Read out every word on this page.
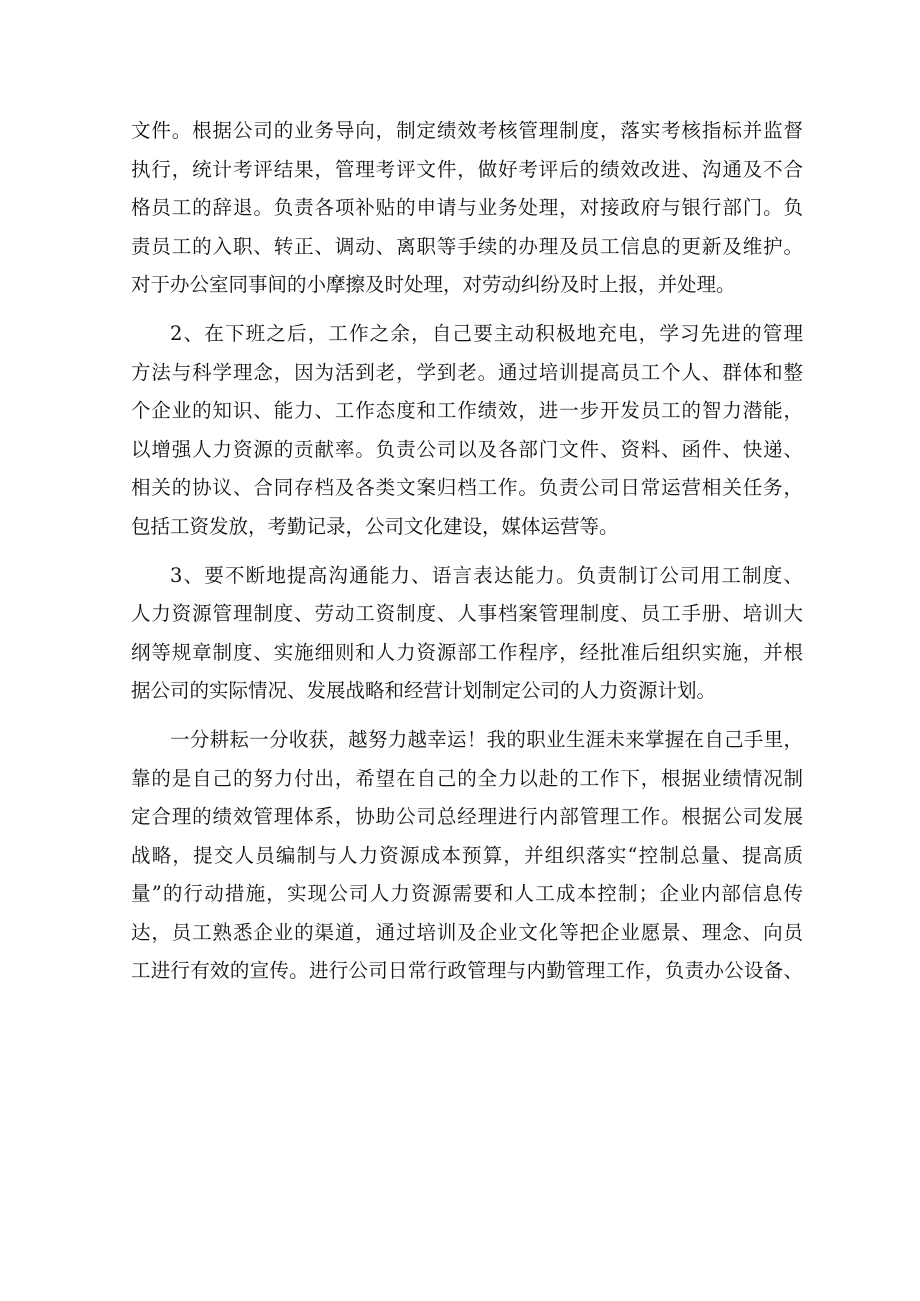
文件。根据公司的业务导向，制定绩效考核管理制度，落实考核指标并监督
执行，统计考评结果，管理考评文件，做好考评后的绩效改进、沟通及不合
格员工的辞退。负责各项补贴的申请与业务处理，对接政府与银行部门。负
责员工的入职、转正、调动、离职等手续的办理及员工信息的更新及维护。
对于办公室同事间的小摩擦及时处理，对劳动纠纷及时上报，并处理。
2、在下班之后，工作之余，自己要主动积极地充电，学习先进的管理
方法与科学理念，因为活到老，学到老。通过培训提高员工个人、群体和整
个企业的知识、能力、工作态度和工作绩效，进一步开发员工的智力潜能，
以增强人力资源的贡献率。负责公司以及各部门文件、资料、函件、快递、
相关的协议、合同存档及各类文案归档工作。负责公司日常运营相关任务，
包括工资发放，考勤记录，公司文化建设，媒体运营等。
3、要不断地提高沟通能力、语言表达能力。负责制订公司用工制度、
人力资源管理制度、劳动工资制度、人事档案管理制度、员工手册、培训大
纲等规章制度、实施细则和人力资源部工作程序，经批准后组织实施，并根
据公司的实际情况、发展战略和经营计划制定公司的人力资源计划。
一分耕耘一分收获，越努力越幸运！我的职业生涯未来掌握在自己手里，
靠的是自己的努力付出，希望在自己的全力以赴的工作下，根据业绩情况制
定合理的绩效管理体系，协助公司总经理进行内部管理工作。根据公司发展
战略，提交人员编制与人力资源成本预算，并组织落实“控制总量、提高质
量”的行动措施，实现公司人力资源需要和人工成本控制；企业内部信息传
达，员工熟悉企业的渠道，通过培训及企业文化等把企业愿景、理念、向员
工进行有效的宣传。进行公司日常行政管理与内勤管理工作，负责办公设备、
